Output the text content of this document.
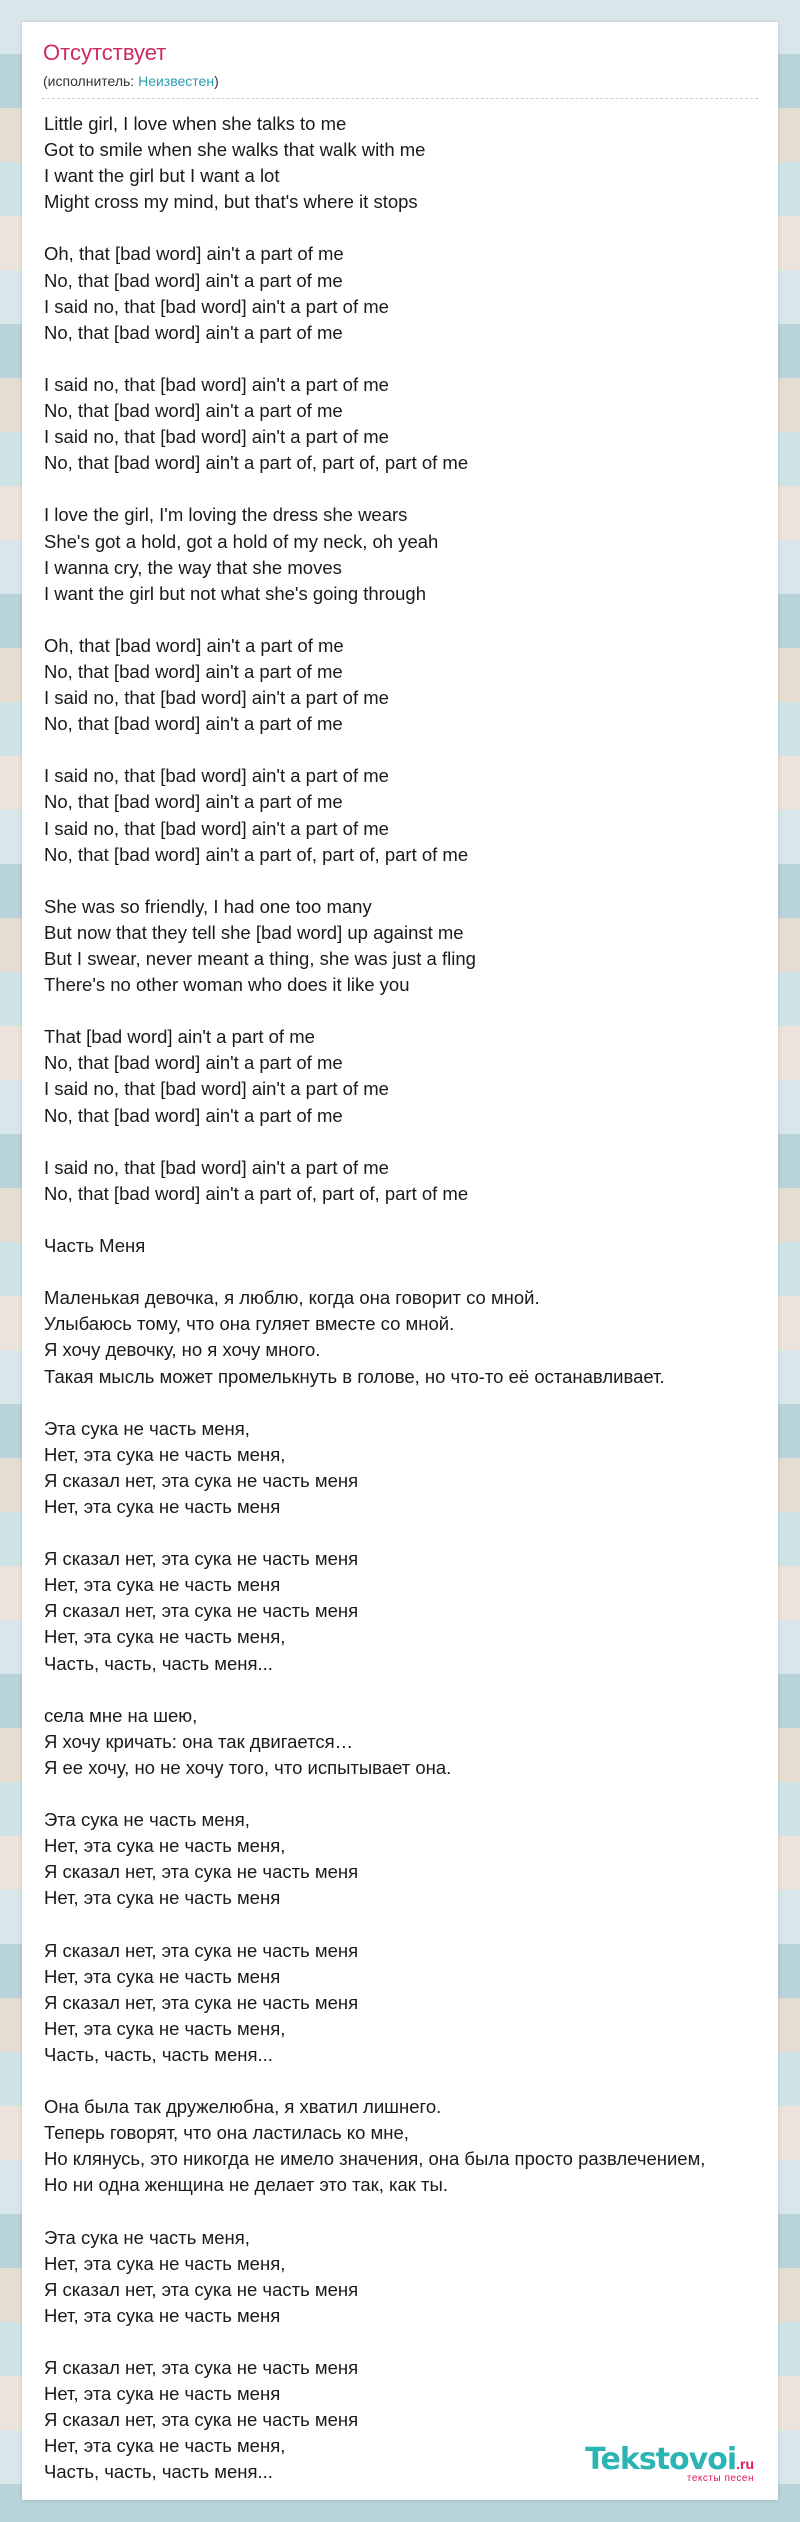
Отсутствует
(исполнитель: Неизвестен)
Little girl, I love when she talks to me
Got to smile when she walks that walk with me
I want the girl but I want a lot
Might cross my mind, but that's where it stops
Oh, that [bad word] ain't a part of me
No, that [bad word] ain't a part of me
I said no, that [bad word] ain't a part of me
No, that [bad word] ain't a part of me
I said no, that [bad word] ain't a part of me
No, that [bad word] ain't a part of me
I said no, that [bad word] ain't a part of me
No, that [bad word] ain't a part of, part of, part of me
I love the girl, I'm loving the dress she wears
She's got a hold, got a hold of my neck, oh yeah
I wanna cry, the way that she moves
I want the girl but not what she's going through
Oh, that [bad word] ain't a part of me
No, that [bad word] ain't a part of me
I said no, that [bad word] ain't a part of me
No, that [bad word] ain't a part of me
I said no, that [bad word] ain't a part of me
No, that [bad word] ain't a part of me
I said no, that [bad word] ain't a part of me
No, that [bad word] ain't a part of, part of, part of me
She was so friendly, I had one too many
But now that they tell she [bad word] up against me
But I swear, never meant a thing, she was just a fling
There's no other woman who does it like you
That [bad word] ain't a part of me
No, that [bad word] ain't a part of me
I said no, that [bad word] ain't a part of me
No, that [bad word] ain't a part of me
I said no, that [bad word] ain't a part of me
No, that [bad word] ain't a part of, part of, part of me
Часть Меня
Маленькая девочка, я люблю, когда она говорит со мной.
Улыбаюсь тому, что она гуляет вместе со мной.
Я хочу девочку, но я хочу много.
Такая мысль может промелькнуть в голове, но что-то её останавливает.
Эта сука не часть меня,
Нет, эта сука не часть меня,
Я сказал нет, эта сука не часть меня
Нет, эта сука не часть меня
Я сказал нет, эта сука не часть меня
Нет, эта сука не часть меня
Я сказал нет, эта сука не часть меня
Нет, эта сука не часть меня,
Часть, часть, часть меня...
села мне на шею,
Я хочу кричать: она так двигается…
Я ее хочу, но не хочу того, что испытывает она.
Эта сука не часть меня,
Нет, эта сука не часть меня,
Я сказал нет, эта сука не часть меня
Нет, эта сука не часть меня
Я сказал нет, эта сука не часть меня
Нет, эта сука не часть меня
Я сказал нет, эта сука не часть меня
Нет, эта сука не часть меня,
Часть, часть, часть меня...
Она была так дружелюбна, я хватил лишнего.
Теперь говорят, что она ластилась ко мне,
Но клянусь, это никогда не имело значения, она была просто развлечением,
Но ни одна женщина не делает это так, как ты.
Эта сука не часть меня,
Нет, эта сука не часть меня,
Я сказал нет, эта сука не часть меня
Нет, эта сука не часть меня
Я сказал нет, эта сука не часть меня
Нет, эта сука не часть меня
Я сказал нет, эта сука не часть меня
Нет, эта сука не часть меня,
Часть, часть, часть меня...	Tekstovoi.ru
тексты песен
